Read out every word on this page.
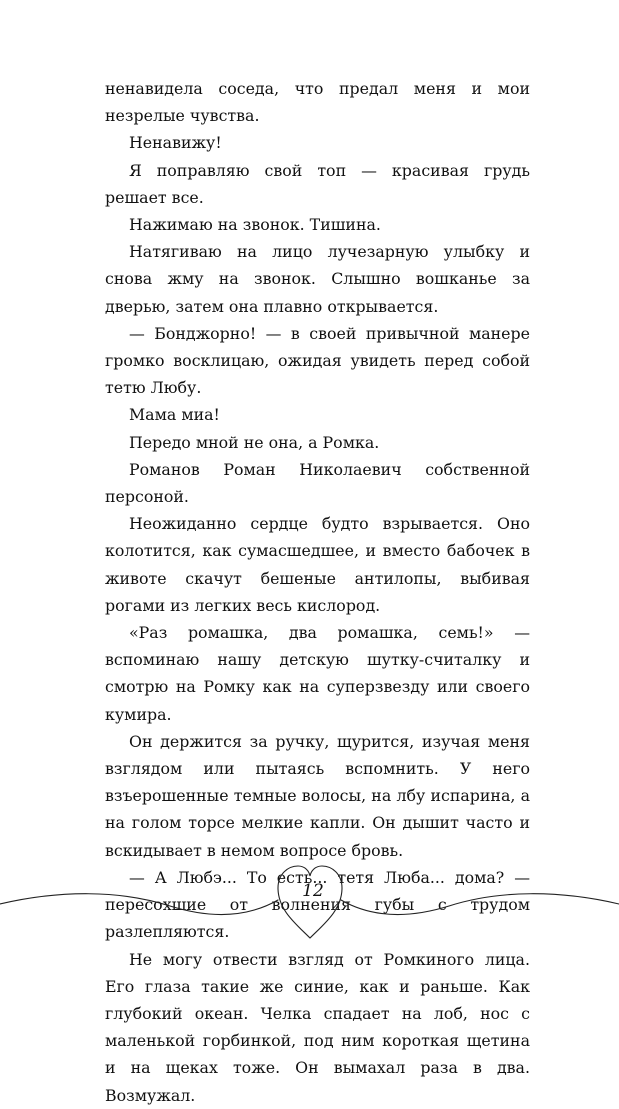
ненавидела соседа, что предал меня и мои незрелые чувства.

Ненавижу!

Я поправляю свой топ — красивая грудь решает все.

Нажимаю на звонок. Тишина.

Натягиваю на лицо лучезарную улыбку и снова жму на звонок. Слышно вошканье за дверью, затем она плавно открывается.

— Бонджорно! — в своей привычной манере громко восклицаю, ожидая увидеть перед собой тетю Любу.

Мама миа!

Передо мной не она, а Ромка.

Романов Роман Николаевич собственной персоной.

Неожиданно сердце будто взрывается. Оно колотится, как сумасшедшее, и вместо бабочек в животе скачут бешеные антилопы, выбивая рогами из легких весь кислород.

«Раз ромашка, два ромашка, семь!» — вспоминаю нашу детскую шутку-считалку и смотрю на Ромку как на суперзвезду или своего кумира.

Он держится за ручку, щурится, изучая меня взглядом или пытаясь вспомнить. У него взъерошенные темные волосы, на лбу испарина, а на голом торсе мелкие капли. Он дышит часто и вскидывает в немом вопросе бровь.

— А Любэ... То есть... тетя Люба... дома? — пересохшие от волнения губы с трудом разлепляются.

Не могу отвести взгляд от Ромкиного лица. Его глаза такие же синие, как и раньше. Как глубокий океан. Челка спадает на лоб, нос с маленькой горбинкой, под ним короткая щетина и на щеках тоже. Он вымахал раза в два. Возмужал.

12
